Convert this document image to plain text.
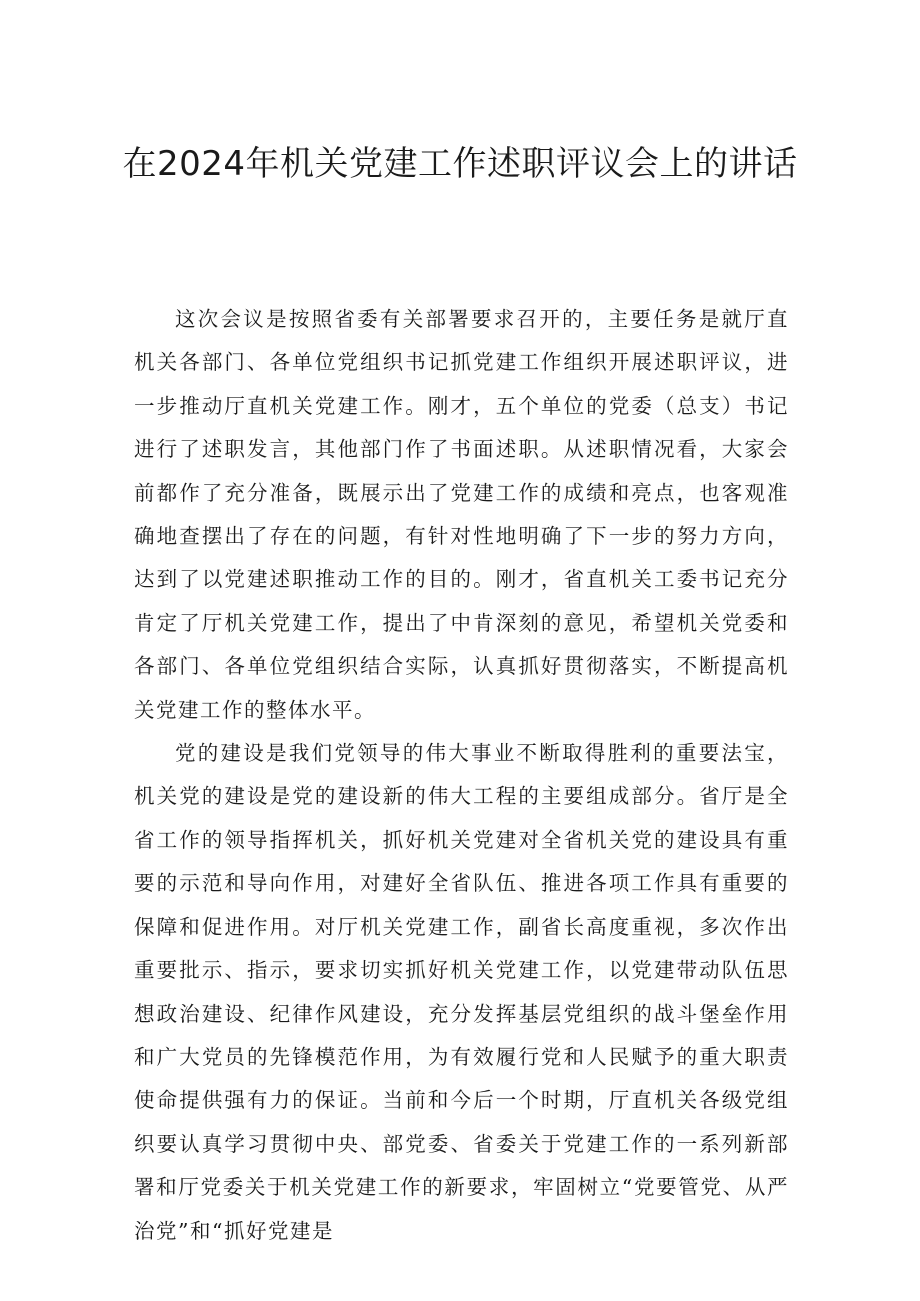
在2024年机关党建工作述职评议会上的讲话

这次会议是按照省委有关部署要求召开的，主要任务是就厅直机关各部门、各单位党组织书记抓党建工作组织开展述职评议，进一步推动厅直机关党建工作。刚才，五个单位的党委（总支）书记进行了述职发言，其他部门作了书面述职。从述职情况看，大家会前都作了充分准备，既展示出了党建工作的成绩和亮点，也客观准确地查摆出了存在的问题，有针对性地明确了下一步的努力方向，达到了以党建述职推动工作的目的。刚才，省直机关工委书记充分肯定了厅机关党建工作，提出了中肯深刻的意见，希望机关党委和各部门、各单位党组织结合实际，认真抓好贯彻落实，不断提高机关党建工作的整体水平。

党的建设是我们党领导的伟大事业不断取得胜利的重要法宝，机关党的建设是党的建设新的伟大工程的主要组成部分。省厅是全省工作的领导指挥机关，抓好机关党建对全省机关党的建设具有重要的示范和导向作用，对建好全省队伍、推进各项工作具有重要的保障和促进作用。对厅机关党建工作，副省长高度重视，多次作出重要批示、指示，要求切实抓好机关党建工作，以党建带动队伍思想政治建设、纪律作风建设，充分发挥基层党组织的战斗堡垒作用和广大党员的先锋模范作用，为有效履行党和人民赋予的重大职责使命提供强有力的保证。当前和今后一个时期，厅直机关各级党组织要认真学习贯彻中央、部党委、省委关于党建工作的一系列新部署和厅党委关于机关党建工作的新要求，牢固树立“党要管党、从严治党”和“抓好党建是
